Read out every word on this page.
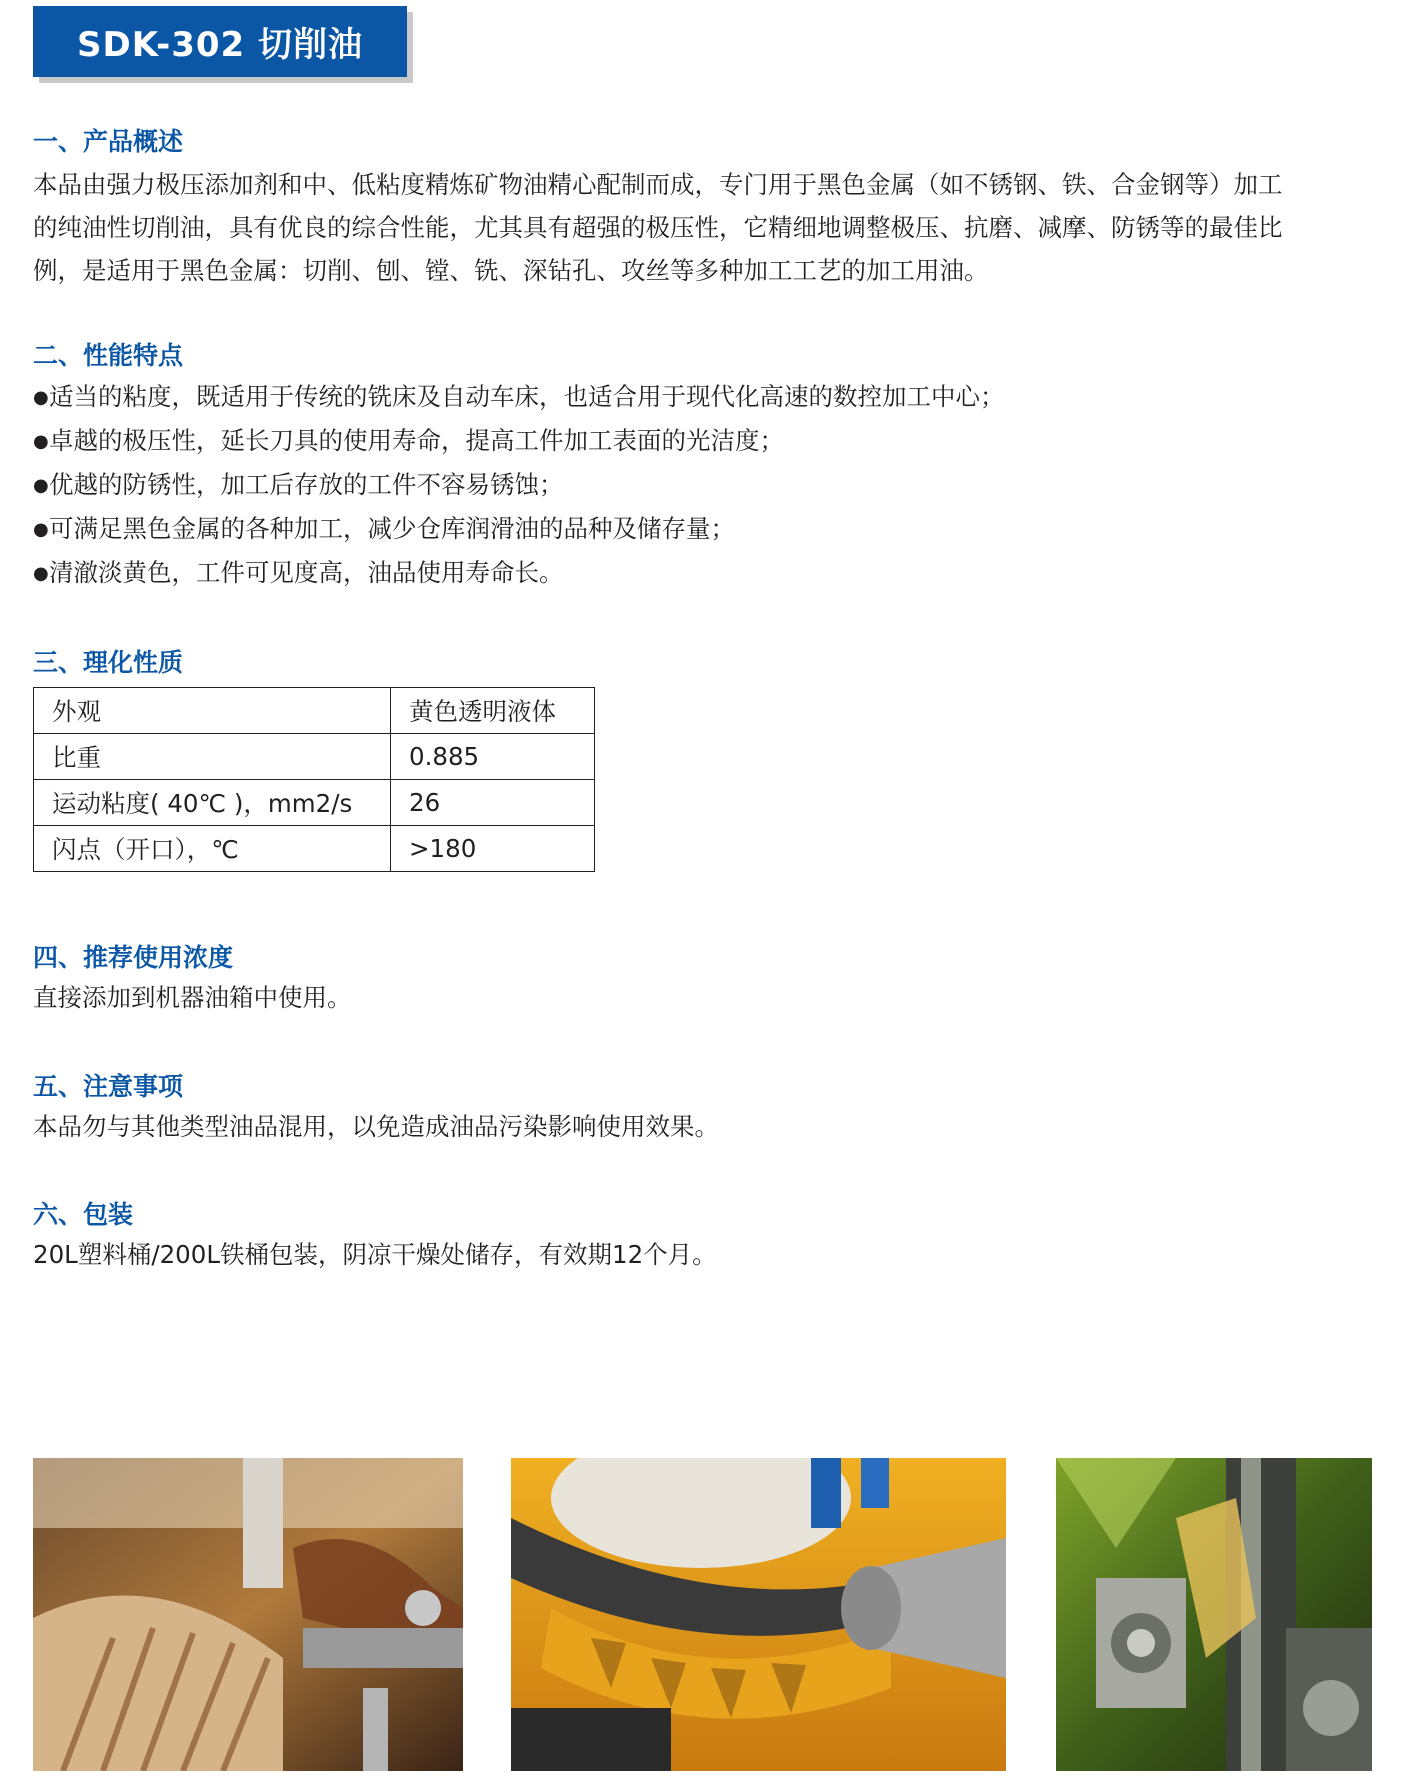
SDK-302 切削油
一、产品概述
本品由强力极压添加剂和中、低粘度精炼矿物油精心配制而成，专门用于黑色金属（如不锈钢、铁、合金钢等）加工
的纯油性切削油，具有优良的综合性能，尤其具有超强的极压性，它精细地调整极压、抗磨、减摩、防锈等的最佳比
例，是适用于黑色金属：切削、刨、镗、铣、深钻孔、攻丝等多种加工工艺的加工用油。
二、性能特点
●适当的粘度，既适用于传统的铣床及自动车床，也适合用于现代化高速的数控加工中心；
●卓越的极压性，延长刀具的使用寿命，提高工件加工表面的光洁度；
●优越的防锈性，加工后存放的工件不容易锈蚀；
●可满足黑色金属的各种加工，减少仓库润滑油的品种及储存量；
●清澈淡黄色，工件可见度高，油品使用寿命长。
三、理化性质
外观	黄色透明液体
比重	0.885
运动粘度( 40℃ )，mm2/s	26
闪点（开口），℃	>180
四、推荐使用浓度
直接添加到机器油箱中使用。
五、注意事项
本品勿与其他类型油品混用，以免造成油品污染影响使用效果。
六、包装
20L塑料桶/200L铁桶包装，阴凉干燥处储存，有效期12个月。
